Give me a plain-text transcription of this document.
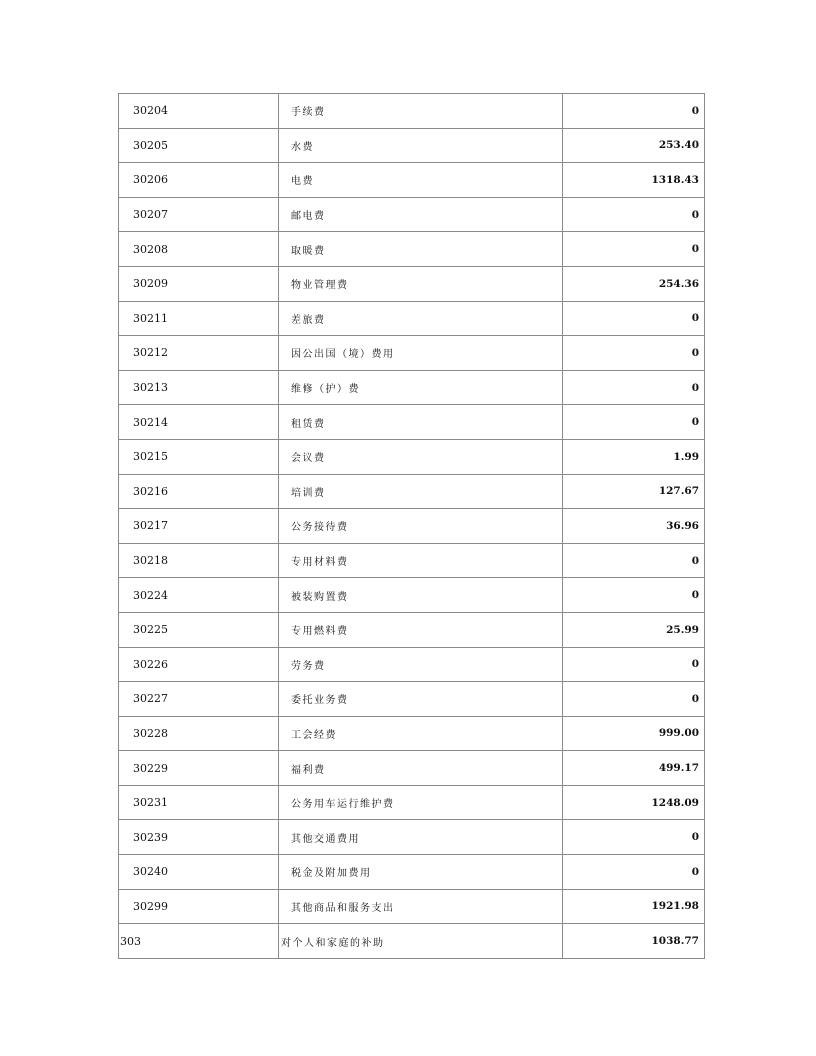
30204	手续费	0
30205	水费	253.40
30206	电费	1318.43
30207	邮电费	0
30208	取暖费	0
30209	物业管理费	254.36
30211	差旅费	0
30212	因公出国（境）费用	0
30213	维修（护）费	0
30214	租赁费	0
30215	会议费	1.99
30216	培训费	127.67
30217	公务接待费	36.96
30218	专用材料费	0
30224	被装购置费	0
30225	专用燃料费	25.99
30226	劳务费	0
30227	委托业务费	0
30228	工会经费	999.00
30229	福利费	499.17
30231	公务用车运行维护费	1248.09
30239	其他交通费用	0
30240	税金及附加费用	0
30299	其他商品和服务支出	1921.98
303	对个人和家庭的补助	1038.77
